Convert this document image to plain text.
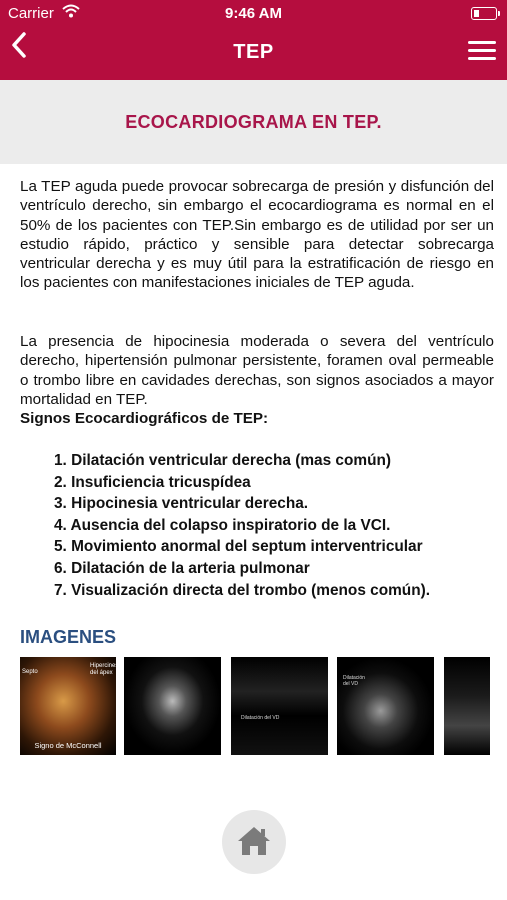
Carrier	9:46 AM
TEP
ECOCARDIOGRAMA EN TEP.
La TEP aguda puede provocar sobrecarga de presión y disfunción del ventrículo derecho, sin embargo el ecocardiograma es normal en el 50% de los pacientes con TEP.Sin embargo es de utilidad por ser un estudio rápido, práctico y sensible para detectar sobrecarga ventricular derecha y es muy útil para la estratificación de riesgo en los pacientes con manifestaciones iniciales de TEP aguda.
La presencia de hipocinesia moderada o severa del ventrículo derecho, hipertensión pulmonar persistente, foramen oval permeable o trombo libre en cavidades derechas, son signos asociados a mayor mortalidad en TEP.
Signos Ecocardiográficos de TEP:
1. Dilatación ventricular derecha (mas común)
2. Insuficiencia tricuspídea
3. Hipocinesia ventricular derecha.
4. Ausencia del colapso inspiratorio de la VCI.
5. Movimiento anormal del septum interventricular
6. Dilatación de la arteria pulmonar
7. Visualización directa del trombo (menos común).
IMAGENES
Septo
Hipercinesia del ápex
Signo de McConnell
Dilatación del VD
Dilatación del VD
